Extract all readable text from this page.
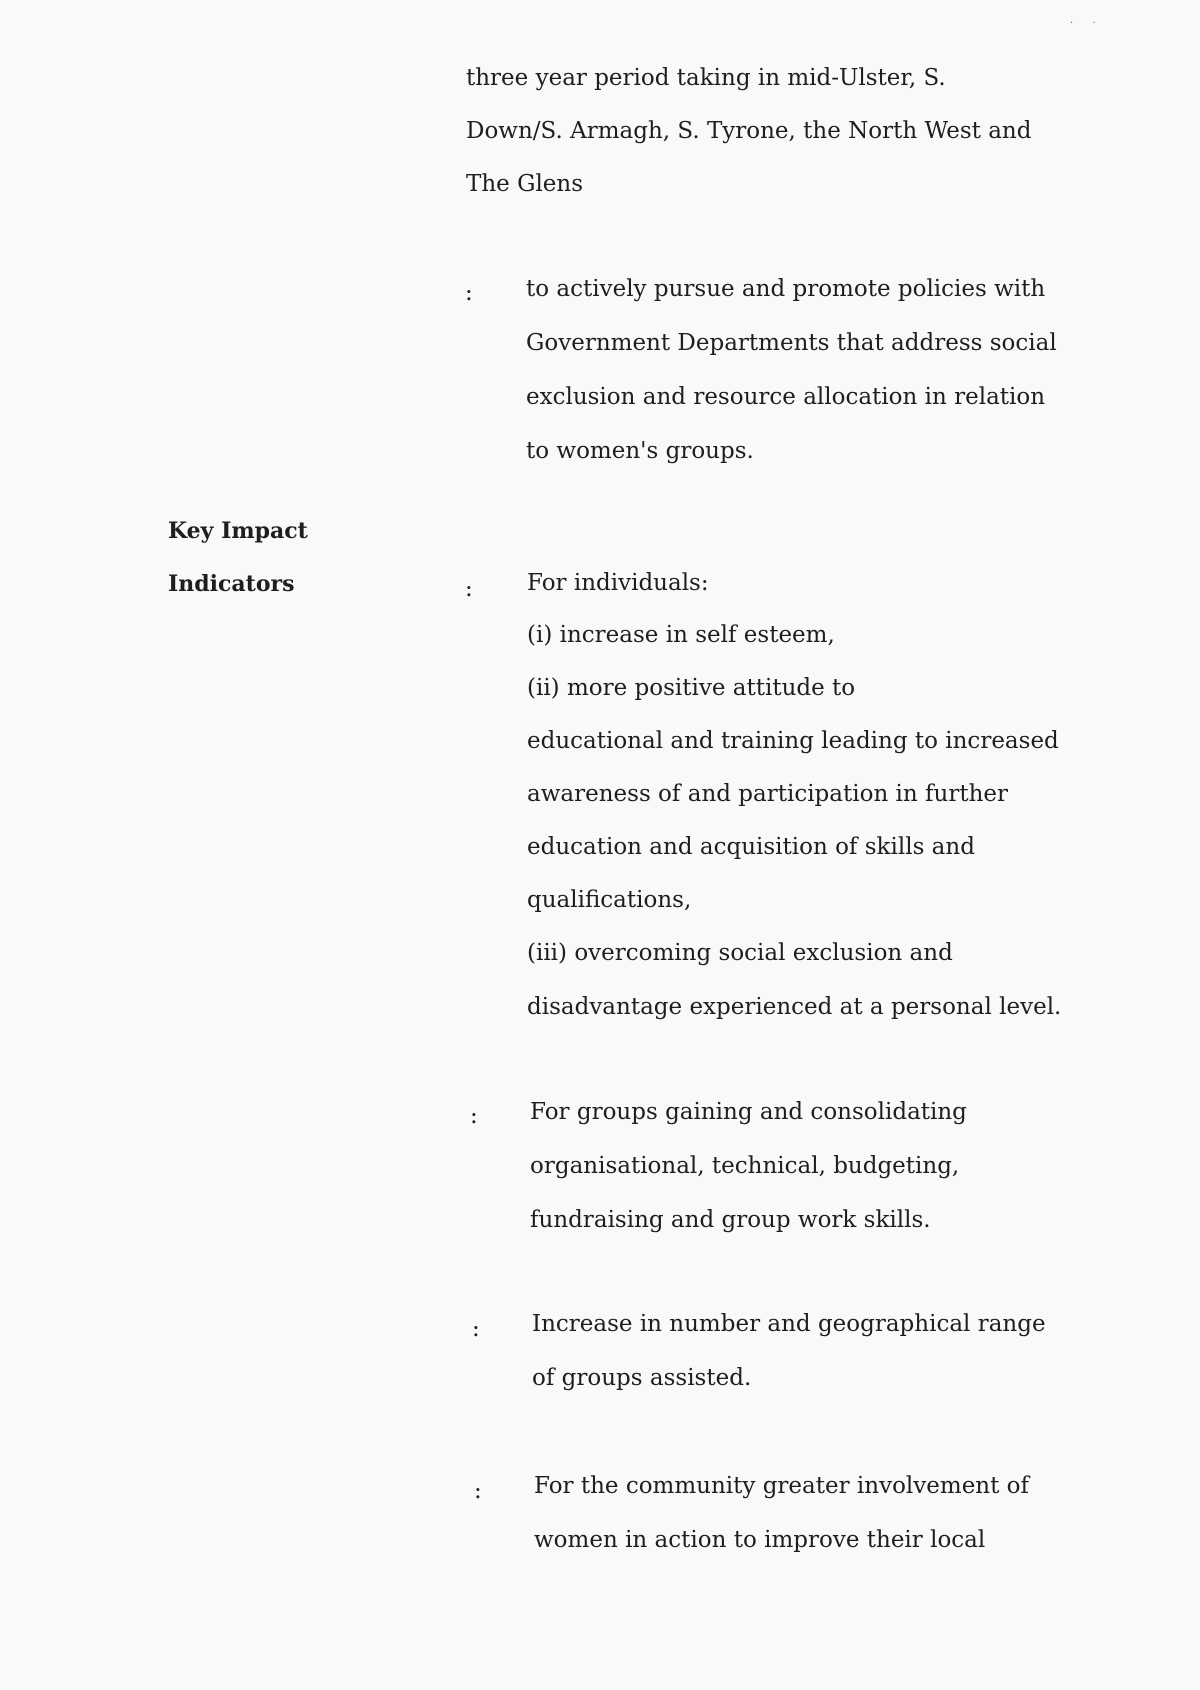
· ·
three year period taking in mid-Ulster, S.
Down/S. Armagh, S. Tyrone, the North West and
The Glens
: to actively pursue and promote policies with
Government Departments that address social
exclusion and resource allocation in relation
to women's groups.
Key Impact
Indicators	: For individuals:
(i) increase in self esteem,
(ii) more positive attitude to
educational and training leading to increased
awareness of and participation in further
education and acquisition of skills and
qualifications,
(iii) overcoming social exclusion and
disadvantage experienced at a personal level.
: For groups gaining and consolidating
organisational, technical, budgeting,
fundraising and group work skills.
: Increase in number and geographical range
of groups assisted.
: For the community greater involvement of
women in action to improve their local
